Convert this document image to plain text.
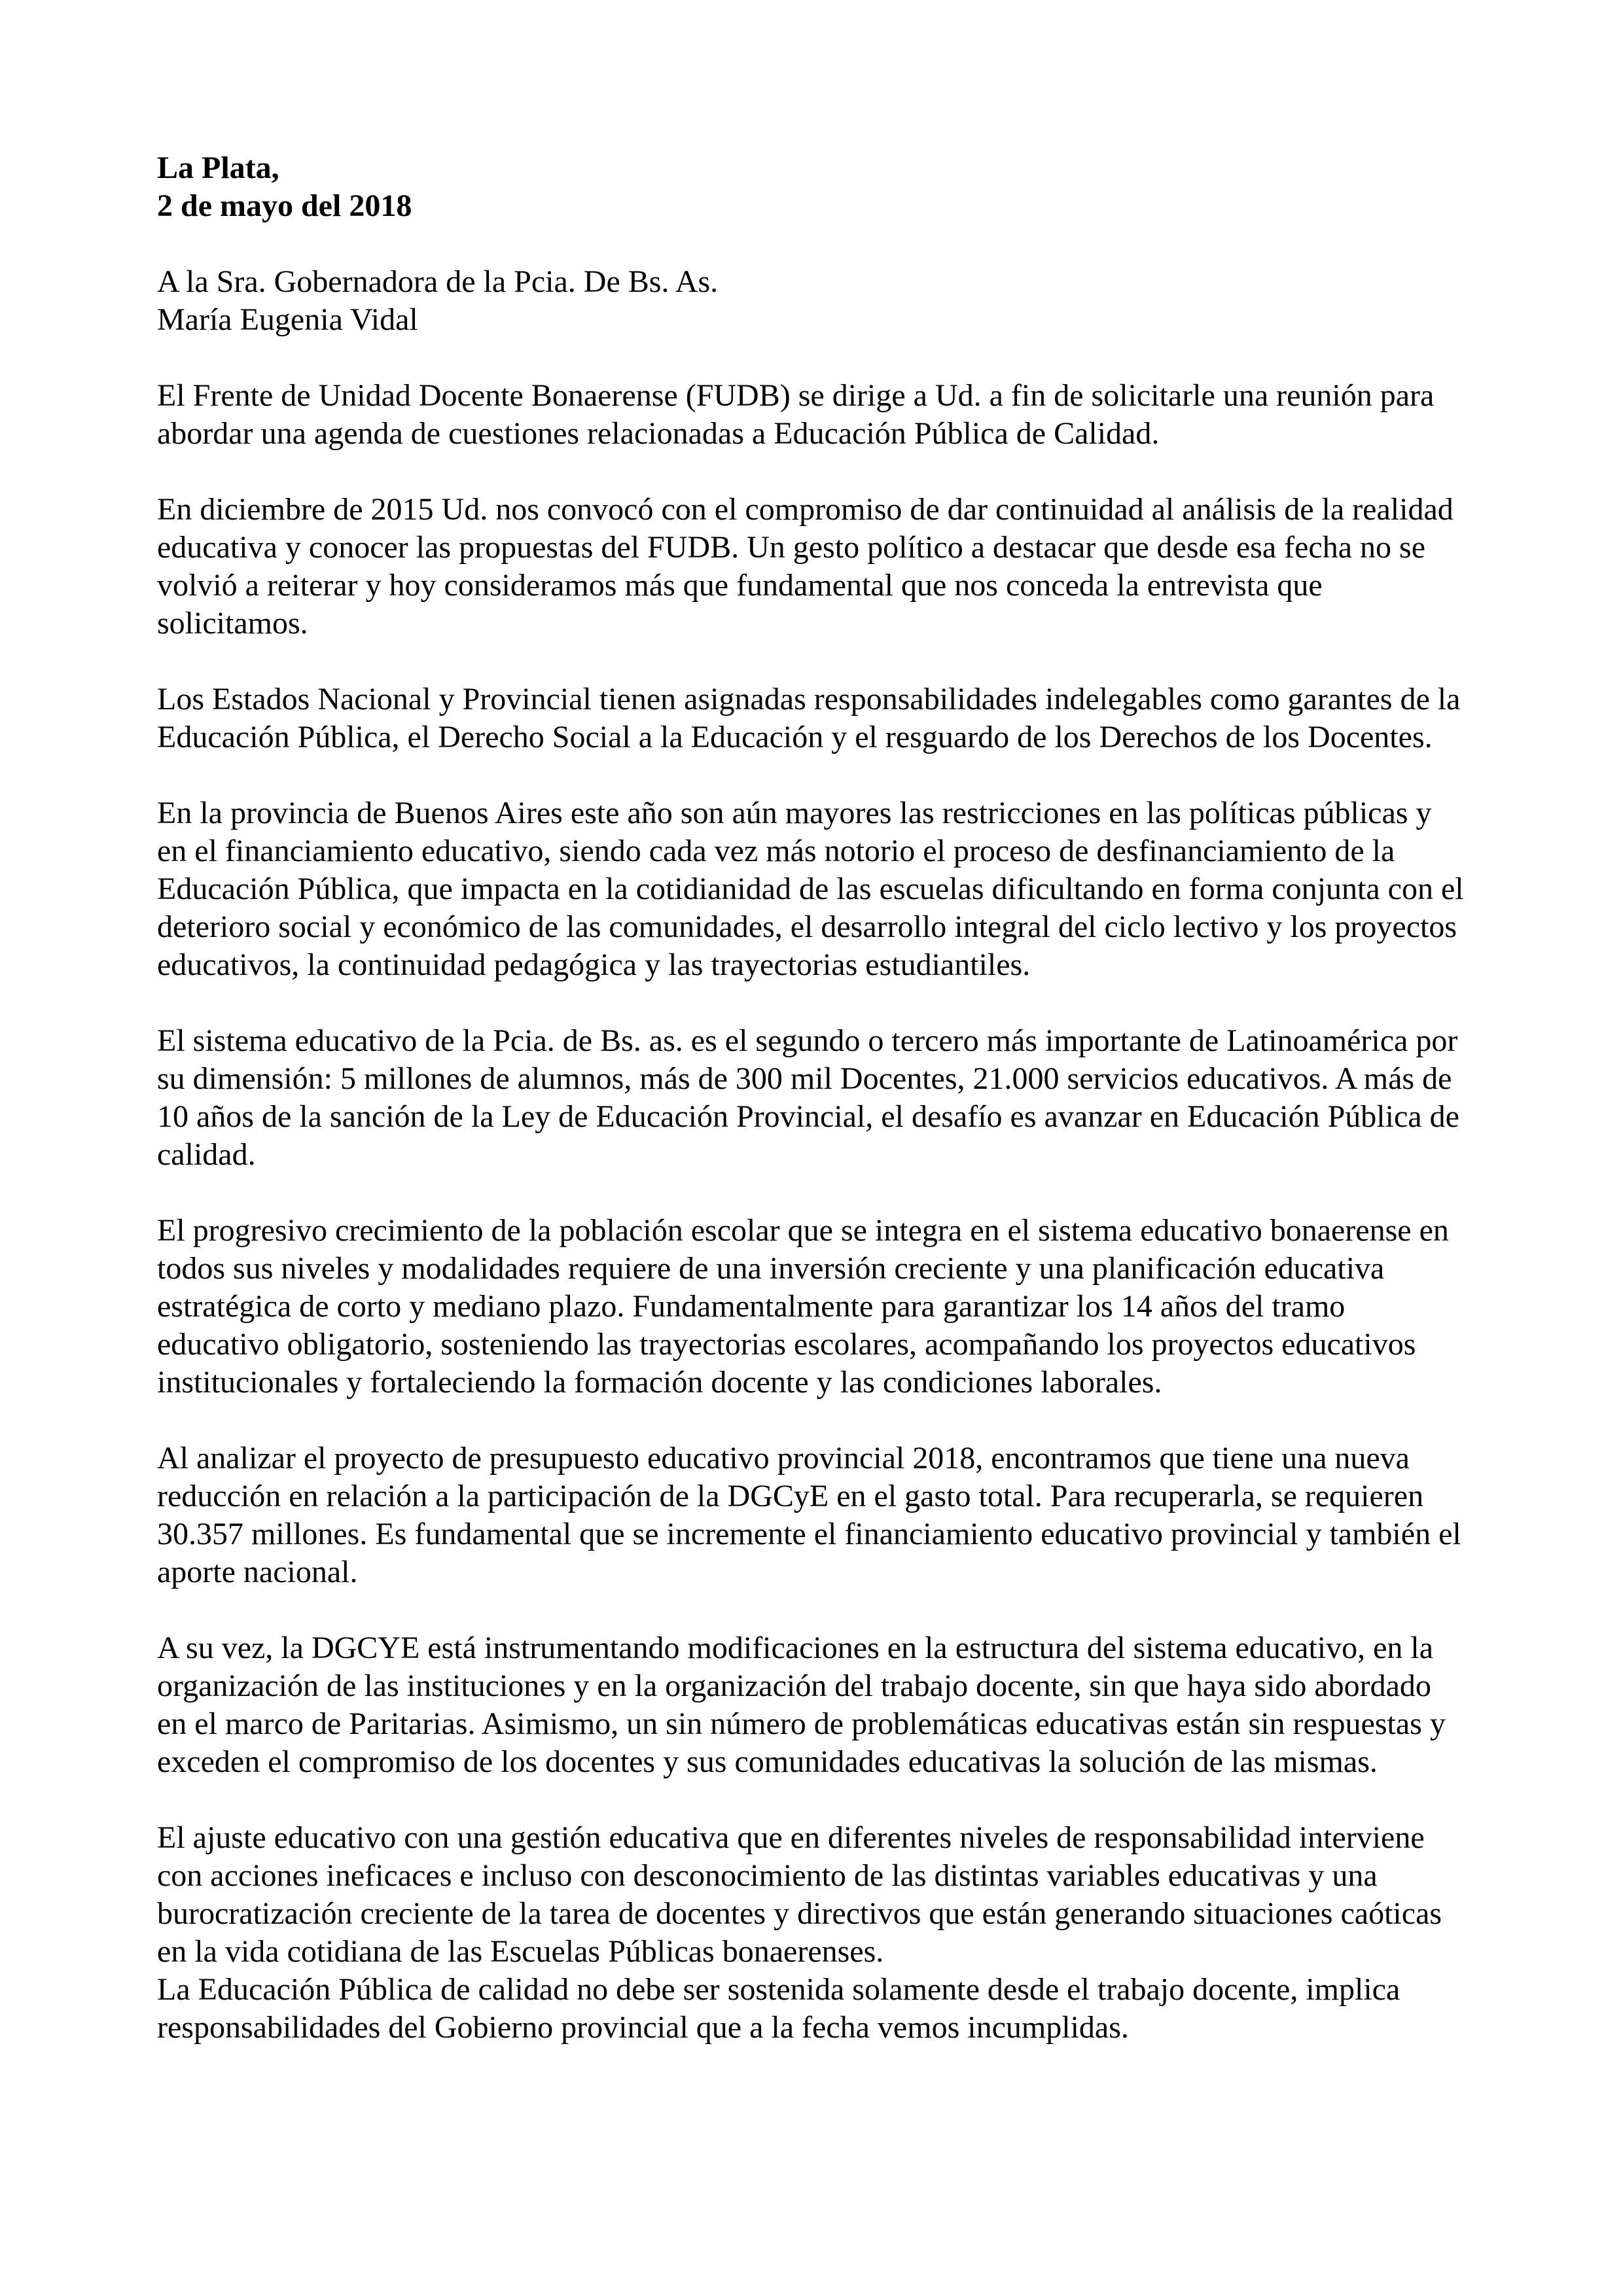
La Plata,
2 de mayo del 2018
A la Sra. Gobernadora de la Pcia. De Bs. As.
María Eugenia Vidal

El Frente de Unidad Docente Bonaerense (FUDB) se dirige a Ud. a fin de solicitarle una reunión para abordar una agenda de cuestiones relacionadas a Educación Pública de Calidad.

En diciembre de 2015 Ud. nos convocó con el compromiso de dar continuidad al análisis de la realidad educativa y conocer las propuestas del FUDB. Un gesto político a destacar que desde esa fecha no se volvió a reiterar y hoy consideramos más que fundamental que nos conceda la entrevista que solicitamos.

Los Estados Nacional y Provincial tienen asignadas responsabilidades indelegables como garantes de la Educación Pública, el Derecho Social a la Educación y el resguardo de los Derechos de los Docentes.

En la provincia de Buenos Aires este año son aún mayores las restricciones en las políticas públicas y en el financiamiento educativo, siendo cada vez más notorio el proceso de desfinanciamiento de la Educación Pública, que impacta en la cotidianidad de las escuelas dificultando en forma conjunta con el deterioro social y económico de las comunidades, el desarrollo integral del ciclo lectivo y los proyectos educativos, la continuidad pedagógica y las trayectorias estudiantiles.

El sistema educativo de la Pcia. de Bs. as. es el segundo o tercero más importante de Latinoamérica por su dimensión: 5 millones de alumnos, más de 300 mil Docentes, 21.000 servicios educativos. A más de 10 años de la sanción de la Ley de Educación Provincial, el desafío es avanzar en Educación Pública de calidad.

El progresivo crecimiento de la población escolar que se integra en el sistema educativo bonaerense en todos sus niveles y modalidades requiere de una inversión creciente y una planificación educativa estratégica de corto y mediano plazo. Fundamentalmente para garantizar los 14 años del tramo educativo obligatorio, sosteniendo las trayectorias escolares, acompañando los proyectos educativos institucionales y fortaleciendo la formación docente y las condiciones laborales.

Al analizar el proyecto de presupuesto educativo provincial 2018, encontramos que tiene una nueva reducción en relación a la participación de la DGCyE en el gasto total. Para recuperarla, se requieren 30.357 millones. Es fundamental que se incremente el financiamiento educativo provincial y también el aporte nacional.

A su vez, la DGCYE está instrumentando modificaciones en la estructura del sistema educativo, en la organización de las instituciones y en la organización del trabajo docente, sin que haya sido abordado en el marco de Paritarias. Asimismo, un sin número de problemáticas educativas están sin respuestas y exceden el compromiso de los docentes y sus comunidades educativas la solución de las mismas.

El ajuste educativo con una gestión educativa que en diferentes niveles de responsabilidad interviene con acciones ineficaces e incluso con desconocimiento de las distintas variables educativas y una burocratización creciente de la tarea de docentes y directivos que están generando situaciones caóticas en la vida cotidiana de las Escuelas Públicas bonaerenses.

La Educación Pública de calidad no debe ser sostenida solamente desde el trabajo docente, implica responsabilidades del Gobierno provincial que a la fecha vemos incumplidas.
